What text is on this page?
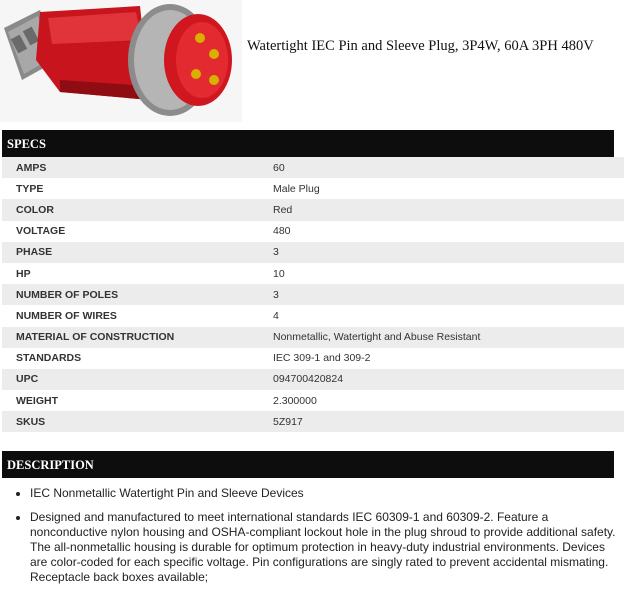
Watertight IEC Pin and Sleeve Plug, 3P4W, 60A 3PH 480V
SPECS
AMPS	60
TYPE	Male Plug
COLOR	Red
VOLTAGE	480
PHASE	3
HP	10
NUMBER OF POLES	3
NUMBER OF WIRES	4
MATERIAL OF CONSTRUCTION	Nonmetallic, Watertight and Abuse Resistant
STANDARDS	IEC 309-1 and 309-2
UPC	094700420824
WEIGHT	2.300000
SKUS	5Z917
DESCRIPTION
• IEC Nonmetallic Watertight Pin and Sleeve Devices
• Designed and manufactured to meet international standards IEC 60309-1 and 60309-2. Feature a nonconductive nylon housing and OSHA-compliant lockout hole in the plug shroud to provide additional safety. The all-nonmetallic housing is durable for optimum protection in heavy-duty industrial environments. Devices are color-coded for each specific voltage. Pin configurations are singly rated to prevent accidental mismating. Receptacle back boxes available;
